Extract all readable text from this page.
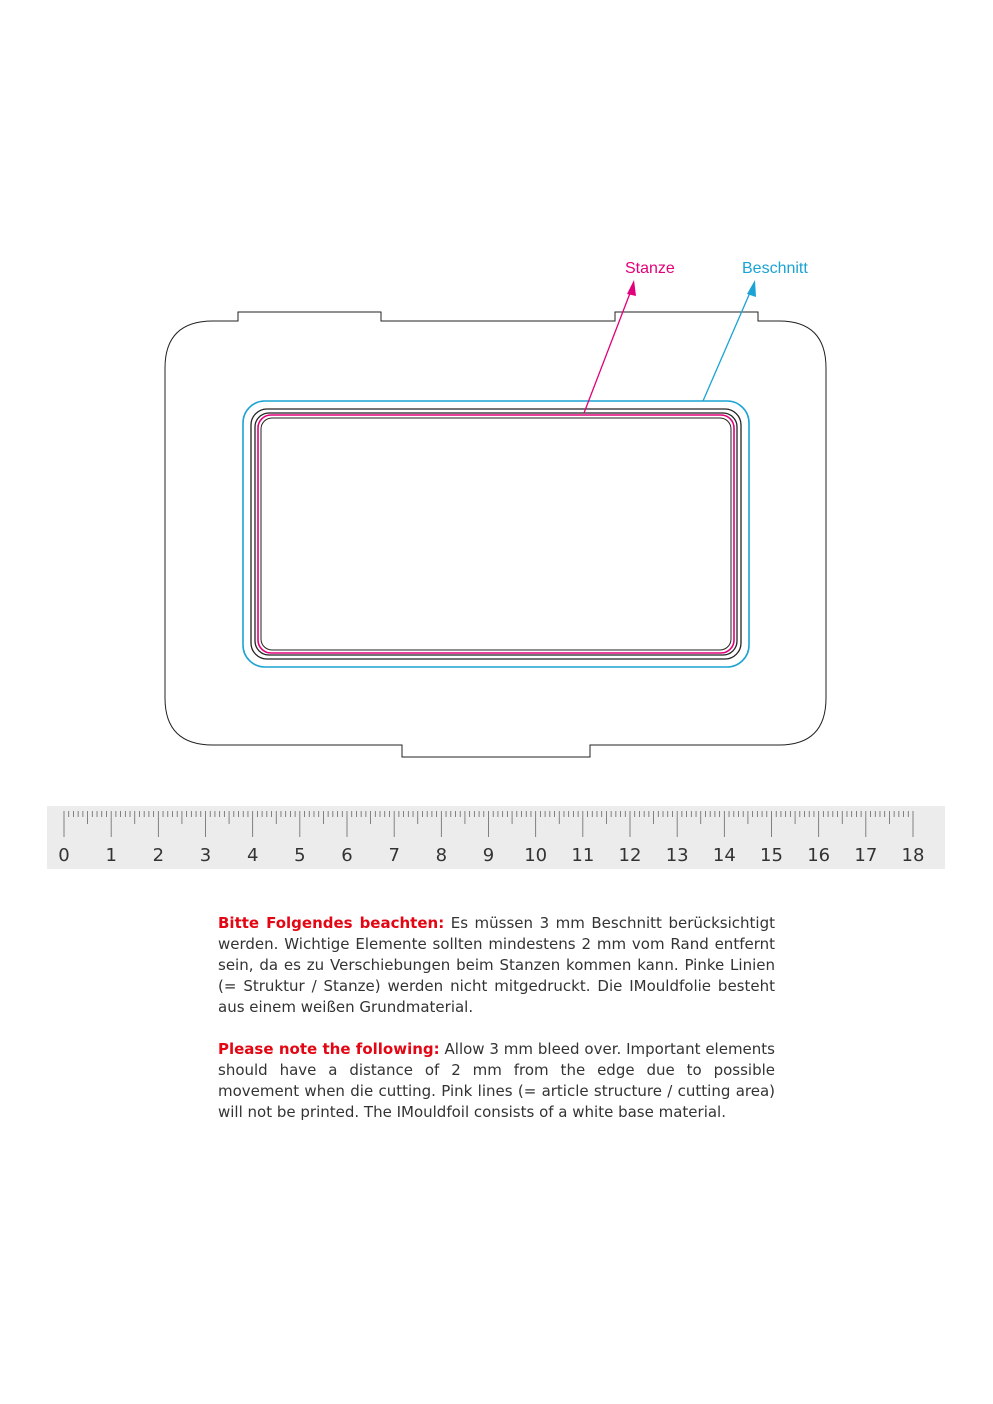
Stanze	Beschnitt
0 1 2 3 4 5 6 7 8 9 10 11 12 13 14 15 16 17 18

Bitte Folgendes beachten: Es müssen 3 mm Beschnitt berücksichtigt werden. Wichtige Elemente sollten mindestens 2 mm vom Rand entfernt sein, da es zu Verschiebungen beim Stanzen kommen kann. Pinke Linien (= Struktur / Stanze) werden nicht mitgedruckt. Die IMouldfolie besteht aus einem weißen Grundmaterial.

Please note the following: Allow 3 mm bleed over. Important elements should have a distance of 2 mm from the edge due to possible movement when die cutting. Pink lines (= article structure / cutting area) will not be printed. The IMouldfoil consists of a white base material.
